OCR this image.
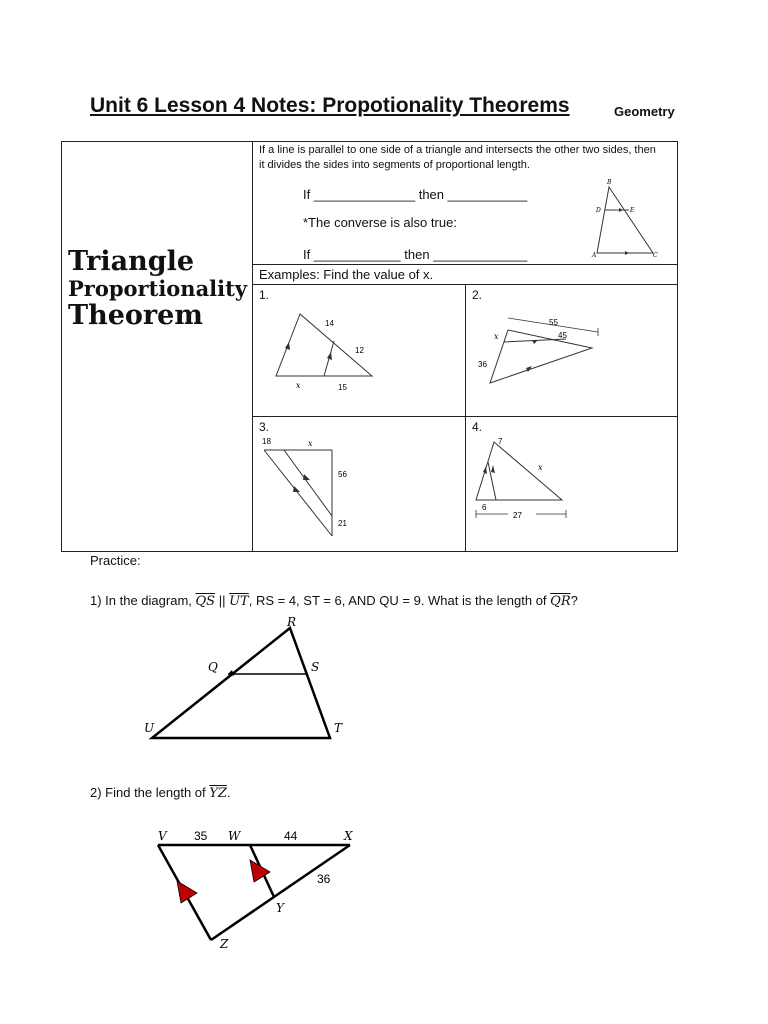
Unit 6 Lesson 4 Notes: Propotionality Theorems	Geometry
Triangle
Proportionality
Theorem
If a line is parallel to one side of a triangle and intersects the other two sides, then it divides the sides into segments of proportional length.
If ______________ then ___________
*The converse is also true:
If ____________ then _____________
B
D	E
A	C
Examples: Find the value of x.
1.
14
12
x	15
2.
55
45
x
36
3.
18	x
56
21
4.
7
x
6
27
Practice:
1) In the diagram, $\overline{QS}$ || $\overline{UT}$, RS = 4, ST = 6, AND QU = 9. What is the length of $\overline{QR}$?
R
Q	S
U	T
2) Find the length of $\overline{YZ}$.
V 35 W	44	X
36
Y
Z
